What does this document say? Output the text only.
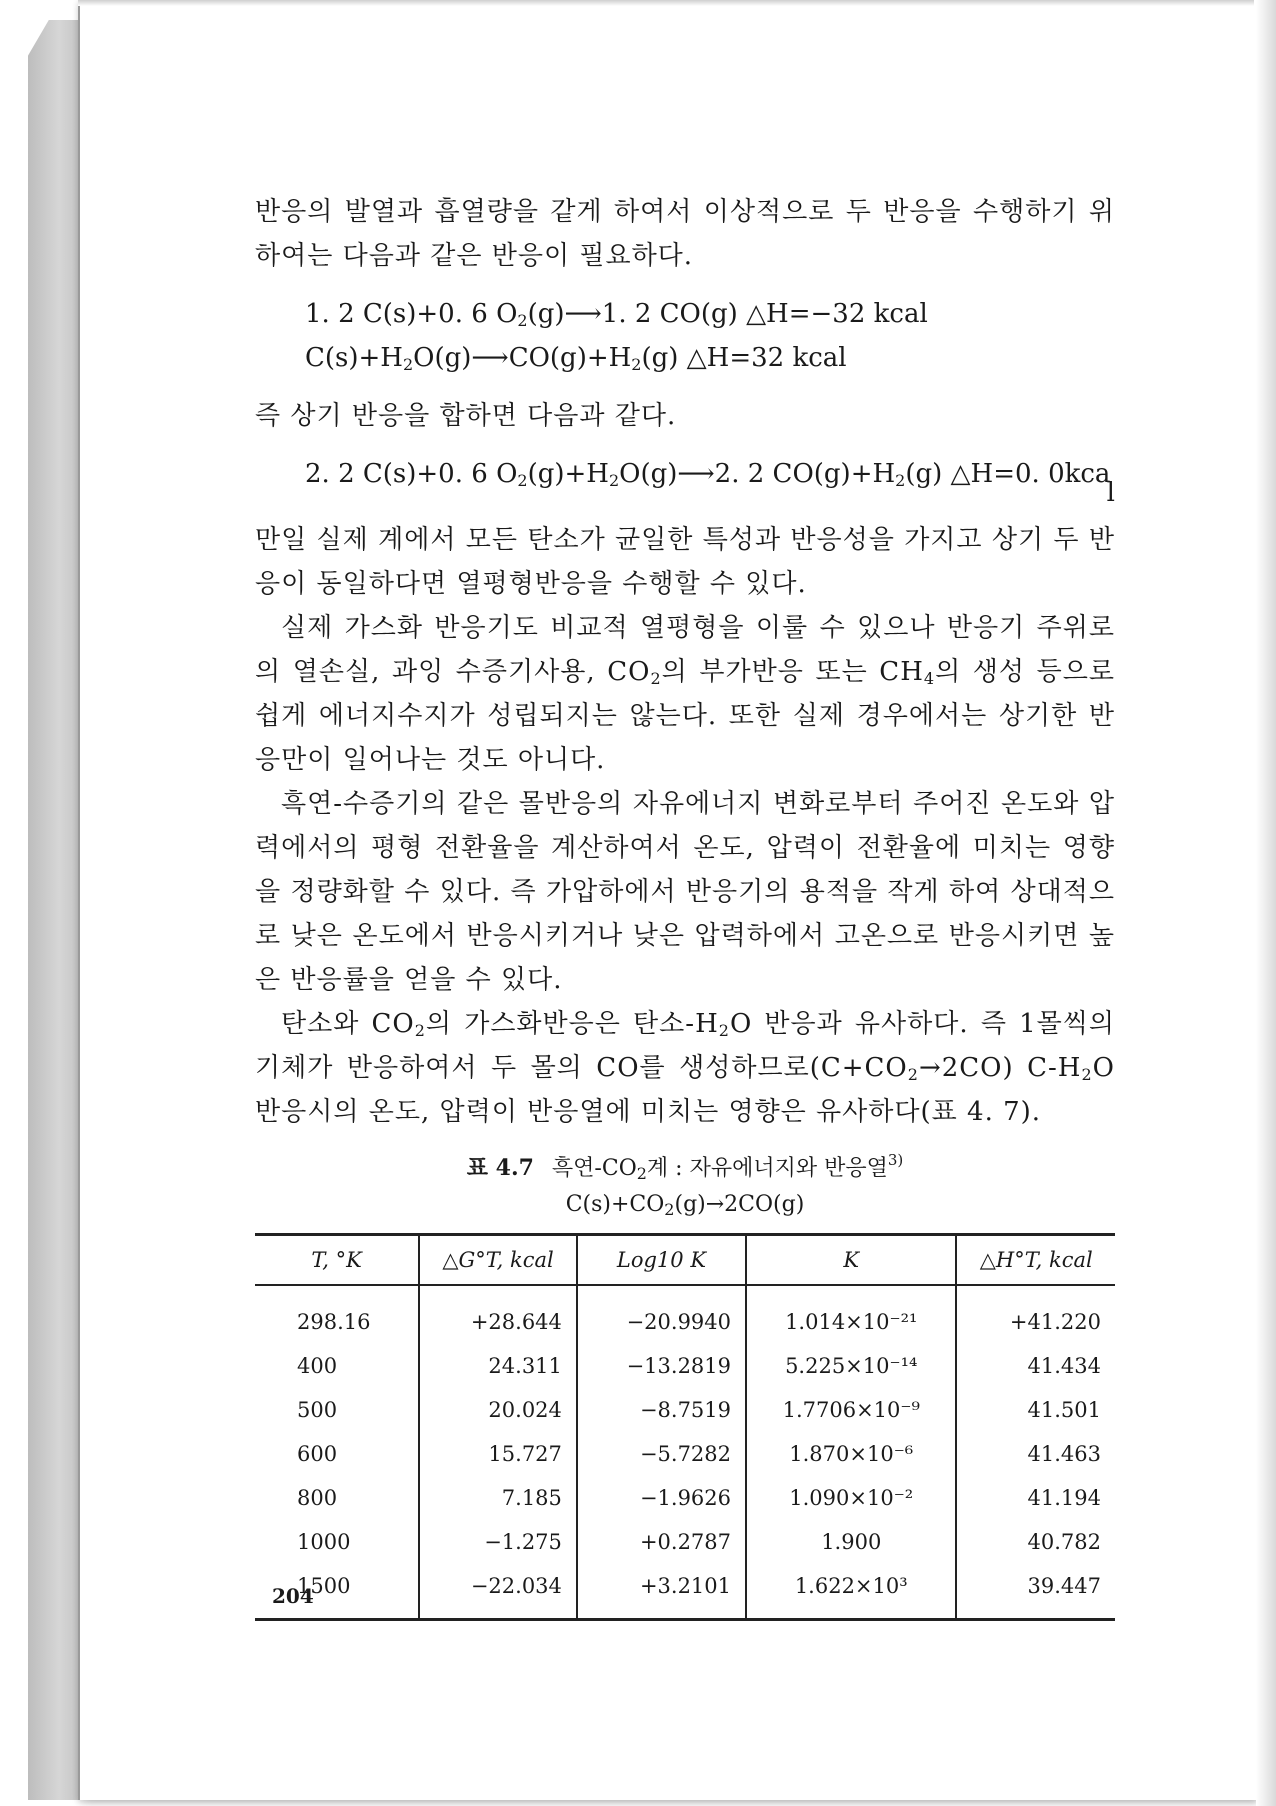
반응의 발열과 흡열량을 같게 하여서 이상적으로 두 반응을 수행하기 위하여는 다음과 같은 반응이 필요하다.

1. 2 C(s)+0. 6 $O_2(g)⟶1$. 2 CO(g) △H=−32 kcal
$C(s)+H_2O(g)⟶CO(g)+H_2(g)$ △H=32 kcal

즉 상기 반응을 합하면 다음과 같다.

2. 2 C(s)+0. 6 $O_2(g)+H_2O(g)⟶2$. 2 $CO(g)+H_2(g)$ △H=0. 0kca
l

만일 실제 계에서 모든 탄소가 균일한 특성과 반응성을 가지고 상기 두 반응이 동일하다면 열평형반응을 수행할 수 있다.

실제 가스화 반응기도 비교적 열평형을 이룰 수 있으나 반응기 주위로의 열손실, 과잉 수증기사용, $CO_2$의 부가반응 또는 $CH_4$의 생성 등으로 쉽게 에너지수지가 성립되지는 않는다. 또한 실제 경우에서는 상기한 반응만이 일어나는 것도 아니다.

흑연-수증기의 같은 몰반응의 자유에너지 변화로부터 주어진 온도와 압력에서의 평형 전환율을 계산하여서 온도, 압력이 전환율에 미치는 영향을 정량화할 수 있다. 즉 가압하에서 반응기의 용적을 작게 하여 상대적으로 낮은 온도에서 반응시키거나 낮은 압력하에서 고온으로 반응시키면 높은 반응률을 얻을 수 있다.

탄소와 $CO_2$의 가스화반응은 탄소$-H_2O$ 반응과 유사하다. 즉 1몰씩의 기체가 반응하여서 두 몰의 CO를 생성하므로$(C+CO_2\to 2CO)$ $C-H_2O$ 반응시의 온도, 압력이 반응열에 미치는 영향은 유사하다(표 4. 7).

표 4.7 흑연$-CO_2$계 : 자유에너지와 반응열$^{3)}$
$C(s)+CO_2(g)\to 2CO(g)$
T, °K	△G°T, kcal	Log10 K	K	△H°T, kcal
298.16	+28.644	−20.9940	1.014×10⁻²¹	+41.220
400	24.311	−13.2819	5.225×10⁻¹⁴	41.434
500	20.024	−8.7519	1.7706×10⁻⁹	41.501
600	15.727	−5.7282	1.870×10⁻⁶	41.463
800	7.185	−1.9626	1.090×10⁻²	41.194
1000	−1.275	+0.2787	1.900	40.782
1500	−22.034	+3.2101	1.622×10³	39.447
204
